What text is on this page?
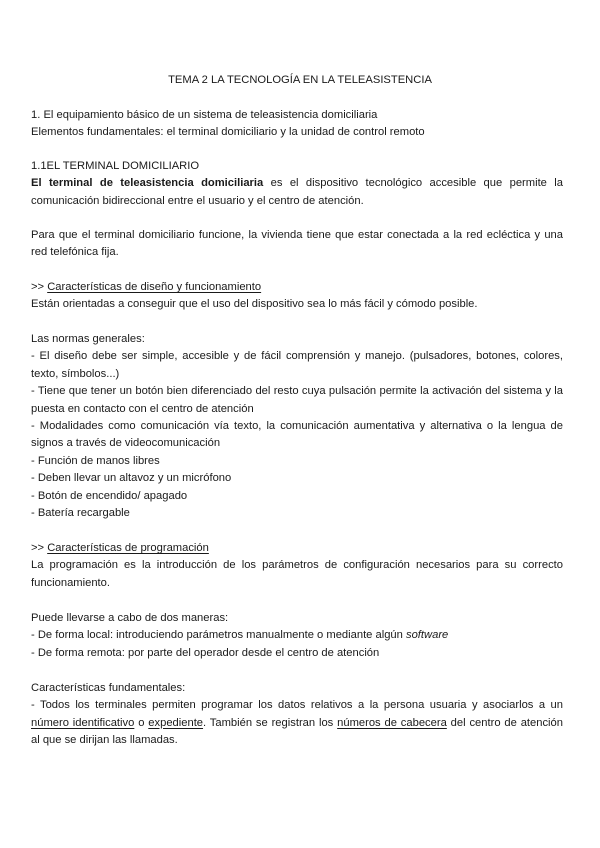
TEMA 2 LA TECNOLOGÍA EN LA TELEASISTENCIA

1. El equipamiento básico de un sistema de teleasistencia domiciliaria

Elementos fundamentales: el terminal domiciliario y la unidad de control remoto

1.1EL TERMINAL DOMICILIARIO

El terminal de teleasistencia domiciliaria es el dispositivo tecnológico accesible que permite la comunicación bidireccional entre el usuario y el centro de atención.

Para que el terminal domiciliario funcione, la vivienda tiene que estar conectada a la red ecléctica y una red telefónica fija.

>> Características de diseño y funcionamiento

Están orientadas a conseguir que el uso del dispositivo sea lo más fácil y cómodo posible.

Las normas generales:

- El diseño debe ser simple, accesible y de fácil comprensión y manejo. (pulsadores, botones, colores, texto, símbolos...)

- Tiene que tener un botón bien diferenciado del resto cuya pulsación permite la activación del sistema y la puesta en contacto con el centro de atención

- Modalidades como comunicación vía texto, la comunicación aumentativa y alternativa o la lengua de signos a través de videocomunicación

- Función de manos libres

- Deben llevar un altavoz y un micrófono

- Botón de encendido/ apagado

- Batería recargable

>> Características de programación

La programación es la introducción de los parámetros de configuración necesarios para su correcto funcionamiento.

Puede llevarse a cabo de dos maneras:

- De forma local: introduciendo parámetros manualmente o mediante algún software

- De forma remota: por parte del operador desde el centro de atención

Características fundamentales:

- Todos los terminales permiten programar los datos relativos a la persona usuaria y asociarlos a un número identificativo o expediente. También se registran los números de cabecera del centro de atención al que se dirijan las llamadas.
